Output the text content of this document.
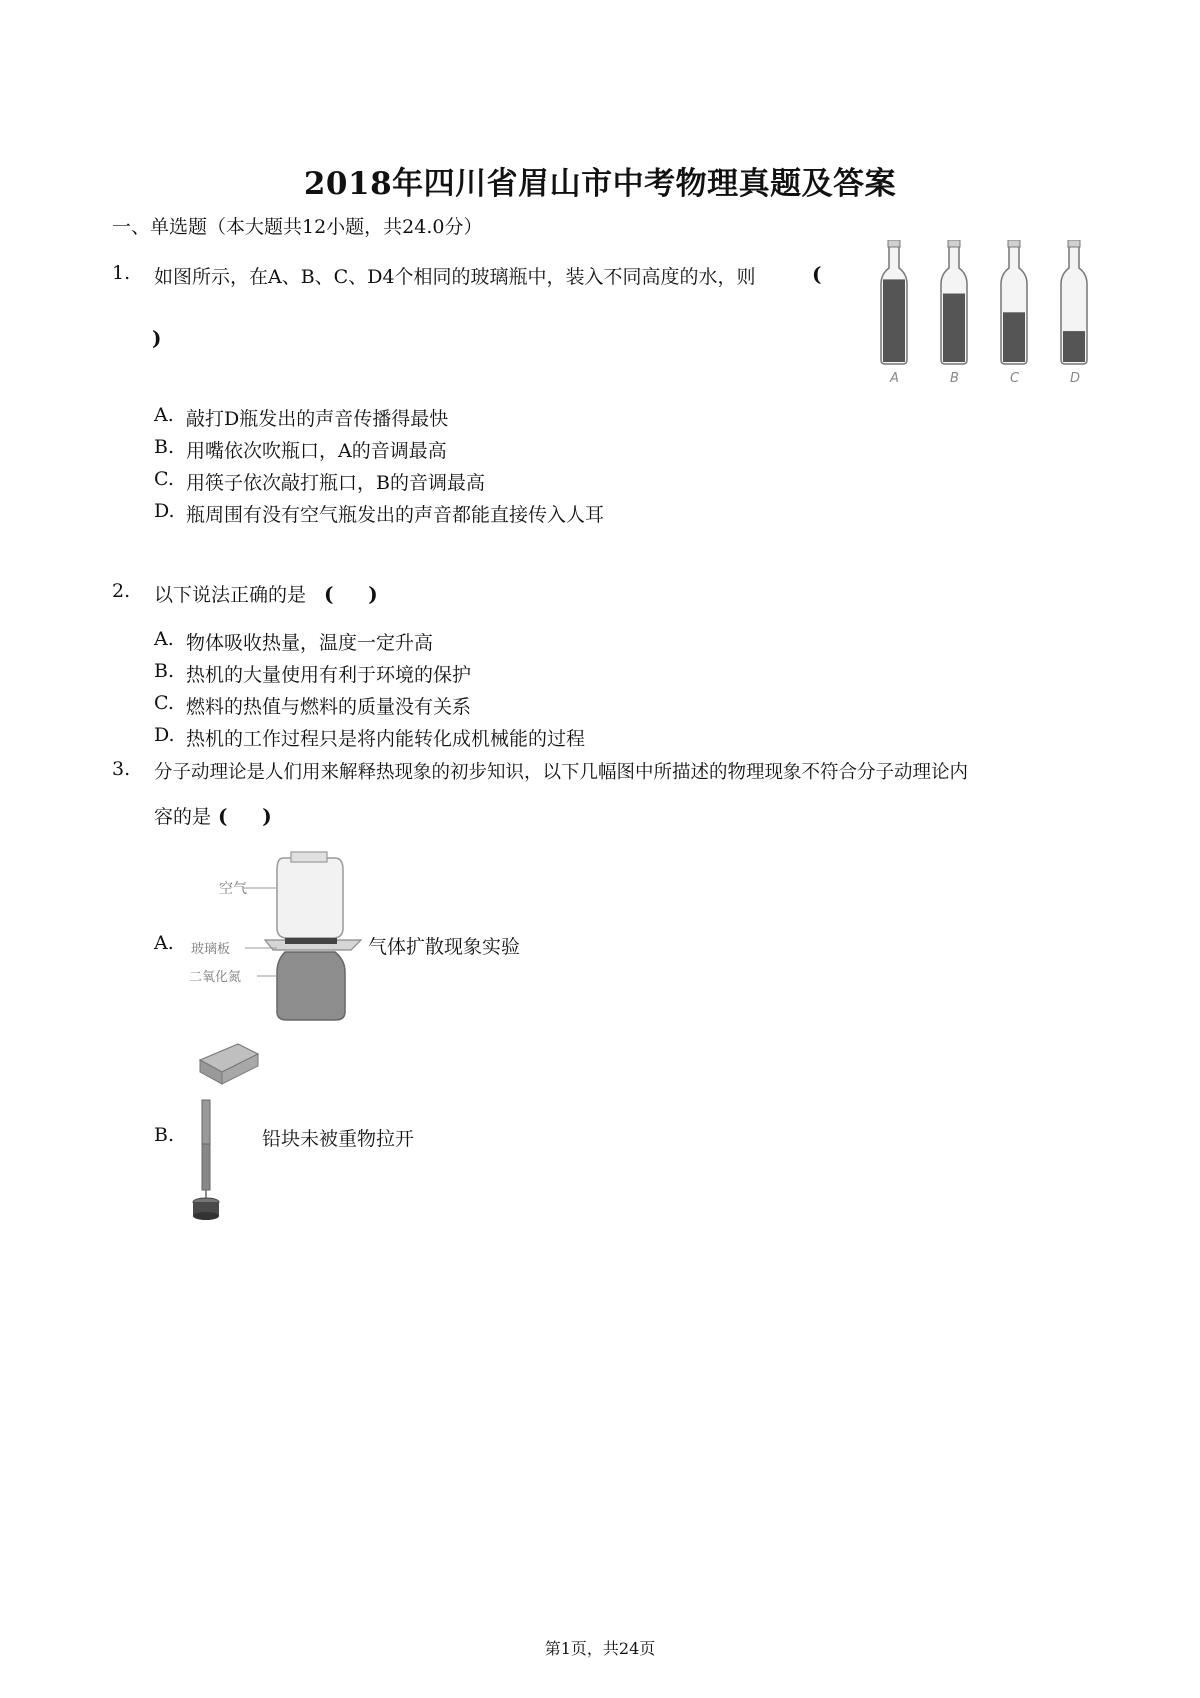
2018年四川省眉山市中考物理真题及答案
一、单选题（本大题共12小题，共24.0分）
1. 如图所示，在A、B、C、D4个相同的玻璃瓶中，装入不同高度的水，则	(
)
A	B	C	D
A. 敲打D瓶发出的声音传播得最快
B. 用嘴依次吹瓶口，A的音调最高
C. 用筷子依次敲打瓶口，B的音调最高
D. 瓶周围有没有空气瓶发出的声音都能直接传入人耳
2. 以下说法正确的是 (     )
A. 物体吸收热量，温度一定升高
B. 热机的大量使用有利于环境的保护
C. 燃料的热值与燃料的质量没有关系
D. 热机的工作过程只是将内能转化成机械能的过程
3. 分子动理论是人们用来解释热现象的初步知识，以下几幅图中所描述的物理现象不符合分子动理论内
容的是 (     )
A.
空气
玻璃板
二氧化氮
气体扩散现象实验
B.	铅块未被重物拉开
第1页，共24页
